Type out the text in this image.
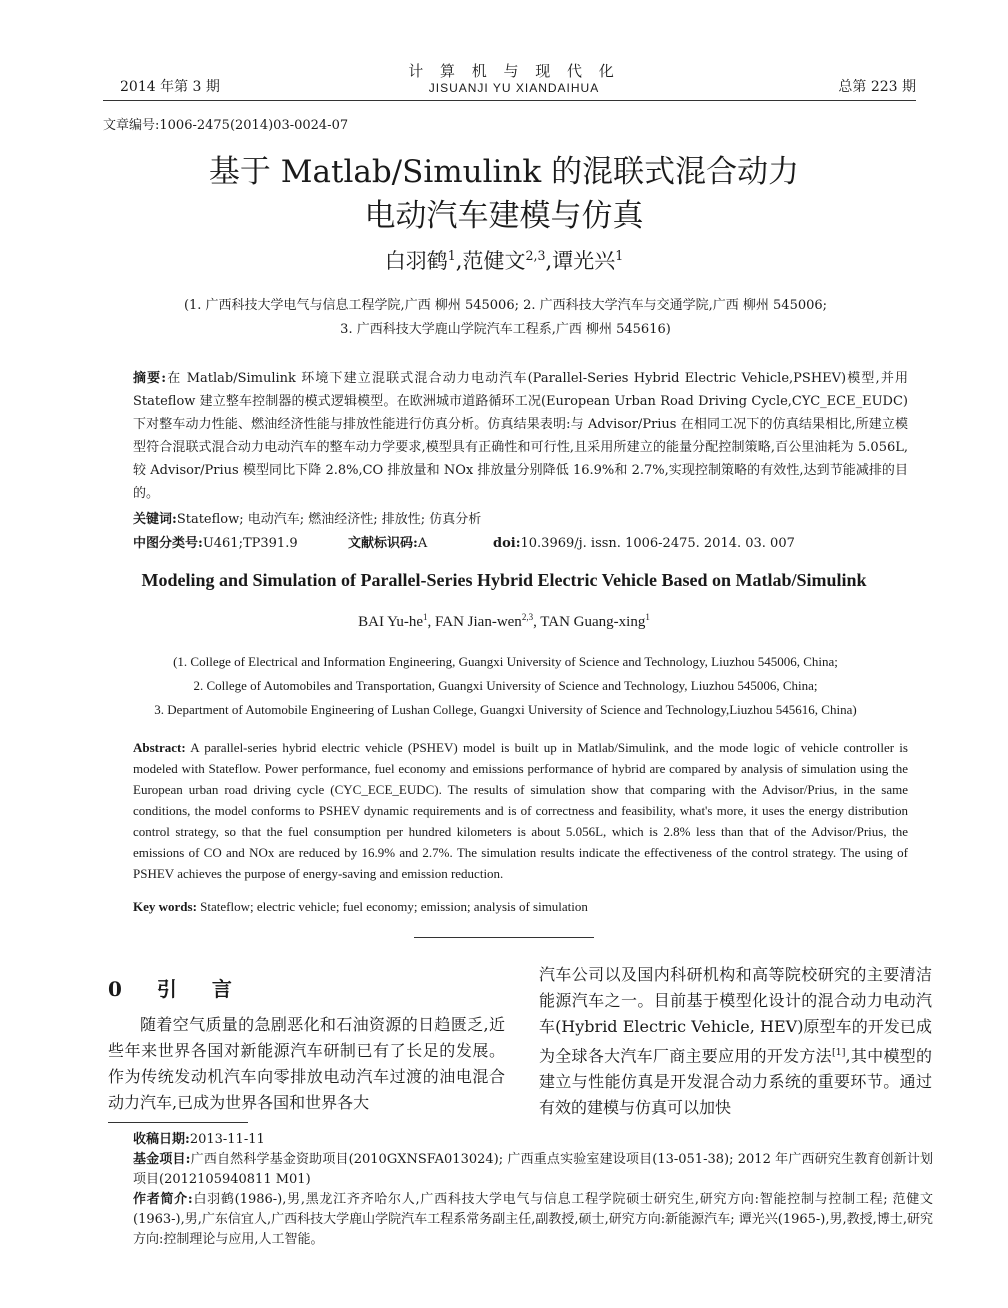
2014 年第 3 期
计 算 机 与 现 代 化
JISUANJI YU XIANDAIHUA	总第 223 期
文章编号:1006-2475(2014)03-0024-07
基于 Matlab/Simulink 的混联式混合动力
电动汽车建模与仿真
白羽鹤$^1$,范健文$^{2,3}$,谭光兴$^1$
(1. 广西科技大学电气与信息工程学院,广西 柳州 545006; 2. 广西科技大学汽车与交通学院,广西 柳州 545006;
3. 广西科技大学鹿山学院汽车工程系,广西 柳州 545616)
摘要:在 Matlab/Simulink 环境下建立混联式混合动力电动汽车(Parallel-Series Hybrid Electric Vehicle,PSHEV)模型,并用 Stateflow 建立整车控制器的模式逻辑模型。在欧洲城市道路循环工况(European Urban Road Driving Cycle,CYC_ECE_EUDC)下对整车动力性能、燃油经济性能与排放性能进行仿真分析。仿真结果表明:与 Advisor/Prius 在相同工况下的仿真结果相比,所建立模型符合混联式混合动力电动汽车的整车动力学要求,模型具有正确性和可行性,且采用所建立的能量分配控制策略,百公里油耗为 5.056L,较 Advisor/Prius 模型同比下降 2.8%,CO 排放量和 NOx 排放量分别降低 16.9%和 2.7%,实现控制策略的有效性,达到节能减排的目的。
关键词:Stateflow; 电动汽车; 燃油经济性; 排放性; 仿真分析
中图分类号:U461;TP391.9	文献标识码:A	doi:10.3969/j. issn. 1006-2475. 2014. 03. 007
Modeling and Simulation of Parallel-Series Hybrid Electric Vehicle Based on Matlab/Simulink
BAI $Yu-he^1$, FAN Jian-wen$^{2,3}$, TAN Guang-xing$^1$
(1. College of Electrical and Information Engineering, Guangxi University of Science and Technology, Liuzhou 545006, China;
2. College of Automobiles and Transportation, Guangxi University of Science and Technology, Liuzhou 545006, China;
3. Department of Automobile Engineering of Lushan College, Guangxi University of Science and Technology,Liuzhou 545616, China)
Abstract: A parallel-series hybrid electric vehicle (PSHEV) model is built up in Matlab/Simulink, and the mode logic of vehicle controller is modeled with Stateflow. Power performance, fuel economy and emissions performance of hybrid are compared by analysis of simulation using the European urban road driving cycle (CYC_ECE_EUDC). The results of simulation show that comparing with the Advisor/Prius, in the same conditions, the model conforms to PSHEV dynamic requirements and is of correctness and feasibility, what's more, it uses the energy distribution control strategy, so that the fuel consumption per hundred kilometers is about 5.056L, which is 2.8% less than that of the Advisor/Prius, the emissions of CO and NOx are reduced by 16.9% and 2.7%. The simulation results indicate the effectiveness of the control strategy. The using of PSHEV achieves the purpose of energy-saving and emission reduction.
Key words: Stateflow; electric vehicle; fuel economy; emission; analysis of simulation
0 引 言
随着空气质量的急剧恶化和石油资源的日趋匮乏,近些年来世界各国对新能源汽车研制已有了长足的发展。作为传统发动机汽车向零排放电动汽车过渡的油电混合动力汽车,已成为世界各国和世界各大
汽车公司以及国内科研机构和高等院校研究的主要清洁能源汽车之一。目前基于模型化设计的混合动力电动汽车(Hybrid Electric Vehicle, HEV)原型车的开发已成为全球各大汽车厂商主要应用的开发方法[1],其中模型的建立与性能仿真是开发混合动力系统的重要环节。通过有效的建模与仿真可以加快

收稿日期:2013-11-11

基金项目:广西自然科学基金资助项目(2010GXNSFA013024); 广西重点实验室建设项目(13-051-38); 2012 年广西研究生教育创新计划项目(2012105940811 M01)

作者简介:白羽鹤(1986-),男,黑龙江齐齐哈尔人,广西科技大学电气与信息工程学院硕士研究生,研究方向:智能控制与控制工程; 范健文(1963-),男,广东信宜人,广西科技大学鹿山学院汽车工程系常务副主任,副教授,硕士,研究方向:新能源汽车; 谭光兴(1965-),男,教授,博士,研究方向:控制理论与应用,人工智能。
